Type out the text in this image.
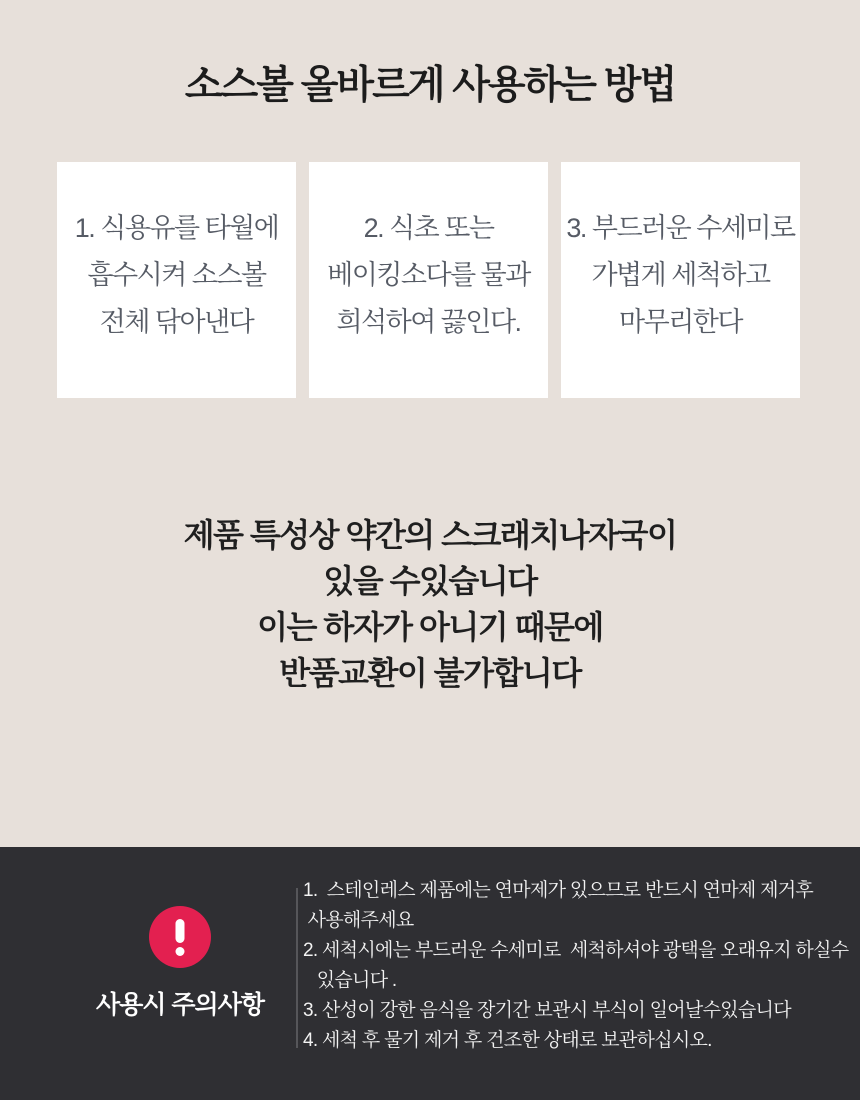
소스볼 올바르게 사용하는 방법

1. 식용유를 타월에
흡수시켜 소스볼
전체 닦아낸다

2. 식초 또는
베이킹소다를 물과
희석하여 끓인다.

3. 부드러운 수세미로
가볍게 세척하고
마무리한다

제품 특성상 약간의 스크래치나자국이
있을 수있습니다
이는 하자가 아니기 때문에
반품교환이 불가합니다
사용시 주의사항
1.  스테인레스 제품에는 연마제가 있으므로 반드시 연마제 제거후
사용해주세요
2. 세척시에는 부드러운 수세미로  세척하셔야 광택을 오래유지 하실수
있습니다 .
3. 산성이 강한 음식을 장기간 보관시 부식이 일어날수있습니다
4. 세척 후 물기 제거 후 건조한 상태로 보관하십시오.
